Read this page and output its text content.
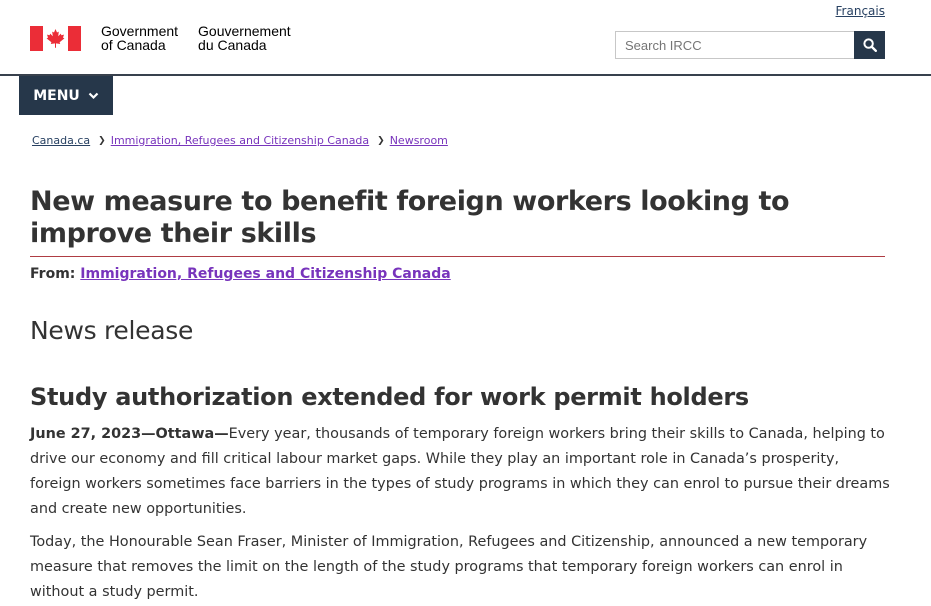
Français
Government
of Canada
Gouvernement
du Canada
Search IRCC
MENU
Canada.ca ❯ Immigration, Refugees and Citizenship Canada ❯ Newsroom
New measure to benefit foreign workers looking to improve their skills
From: Immigration, Refugees and Citizenship Canada
News release
Study authorization extended for work permit holders

June 27, 2023—Ottawa—Every year, thousands of temporary foreign workers bring their skills to Canada, helping to drive our economy and fill critical labour market gaps. While they play an important role in Canada’s prosperity, foreign workers sometimes face barriers in the types of study programs in which they can enrol to pursue their dreams and create new opportunities.

Today, the Honourable Sean Fraser, Minister of Immigration, Refugees and Citizenship, announced a new temporary measure that removes the limit on the length of the study programs that temporary foreign workers can enrol in without a study permit.
